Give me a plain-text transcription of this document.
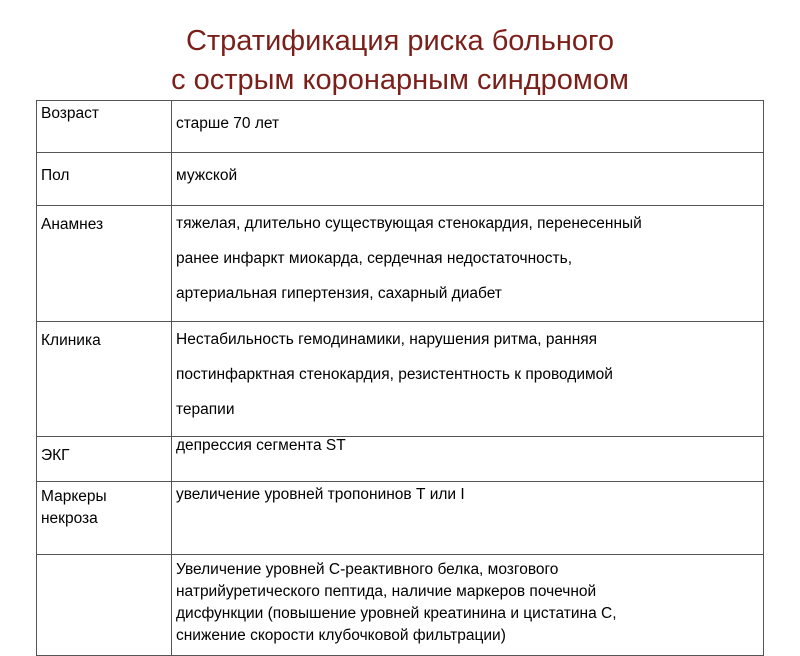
Стратификация риска больного
с острым коронарным синдромом
Возраст	старше 70 лет
Пол	мужской
Анамнез	тяжелая, длительно существующая стенокардия, перенесенный
ранее инфаркт миокарда, сердечная недостаточность,
артериальная гипертензия, сахарный диабет

Клиника	Нестабильность гемодинамики, нарушения ритма, ранняя
постинфарктная стенокардия, резистентность к проводимой
терапии

ЭКГ	депрессия сегмента ST

Маркеры
некроза	увеличение уровней тропонинов Т или I

	Увеличение уровней С-реактивного белка, мозгового
натрийуретического пептида, наличие маркеров почечной
дисфункции (повышение уровней креатинина и цистатина С,
снижение скорости клубочковой фильтрации)
